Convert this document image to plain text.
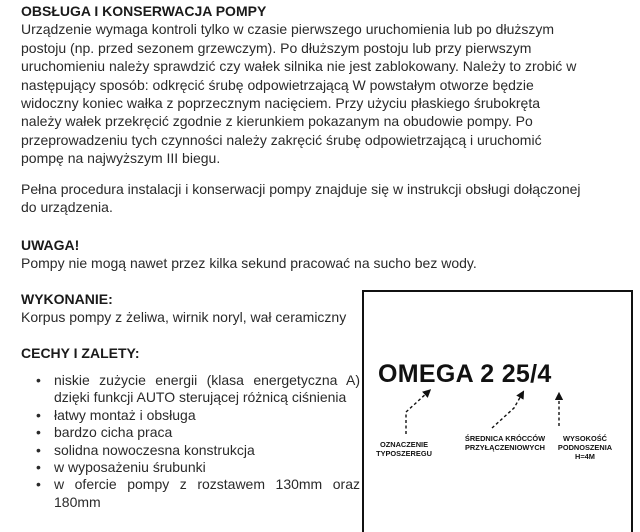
OBSŁUGA I KONSERWACJA POMPY

Urządzenie wymaga kontroli tylko w czasie pierwszego uruchomienia lub po dłuższym

postoju (np. przed sezonem grzewczym). Po dłuższym postoju lub przy pierwszym

uruchomieniu należy sprawdzić czy wałek silnika nie jest zablokowany. Należy to zrobić w

następujący sposób: odkręcić śrubę odpowietrzającą W powstałym otworze będzie

widoczny koniec wałka z poprzecznym nacięciem. Przy użyciu płaskiego śrubokręta

należy wałek przekręcić zgodnie z kierunkiem pokazanym na obudowie pompy. Po

przeprowadzeniu tych czynności należy zakręcić śrubę odpowietrzającą i uruchomić

pompę na najwyższym III biegu.

Pełna procedura instalacji i konserwacji pompy znajduje się w instrukcji obsługi dołączonej
do urządzenia.
UWAGA!
Pompy nie mogą nawet przez kilka sekund pracować na sucho bez wody.
WYKONANIE:
Korpus pompy z żeliwa, wirnik noryl, wał ceramiczny
CECHY I ZALETY:
• niskie zużycie energii (klasa energetyczna A) dzięki funkcji AUTO sterującej różnicą ciśnienia
• łatwy montaż i obsługa
• bardzo cicha praca
• solidna nowoczesna konstrukcja
• w wyposażeniu śrubunki
• w ofercie pompy z rozstawem 130mm oraz 180mm
OMEGA 2 25/4
OZNACZENIE TYPOSZEREGU
ŚREDNICA KRÓCCÓW PRZYŁĄCZENIOWYCH
WYSOKOŚĆ PODNOSZENIA H=4M
